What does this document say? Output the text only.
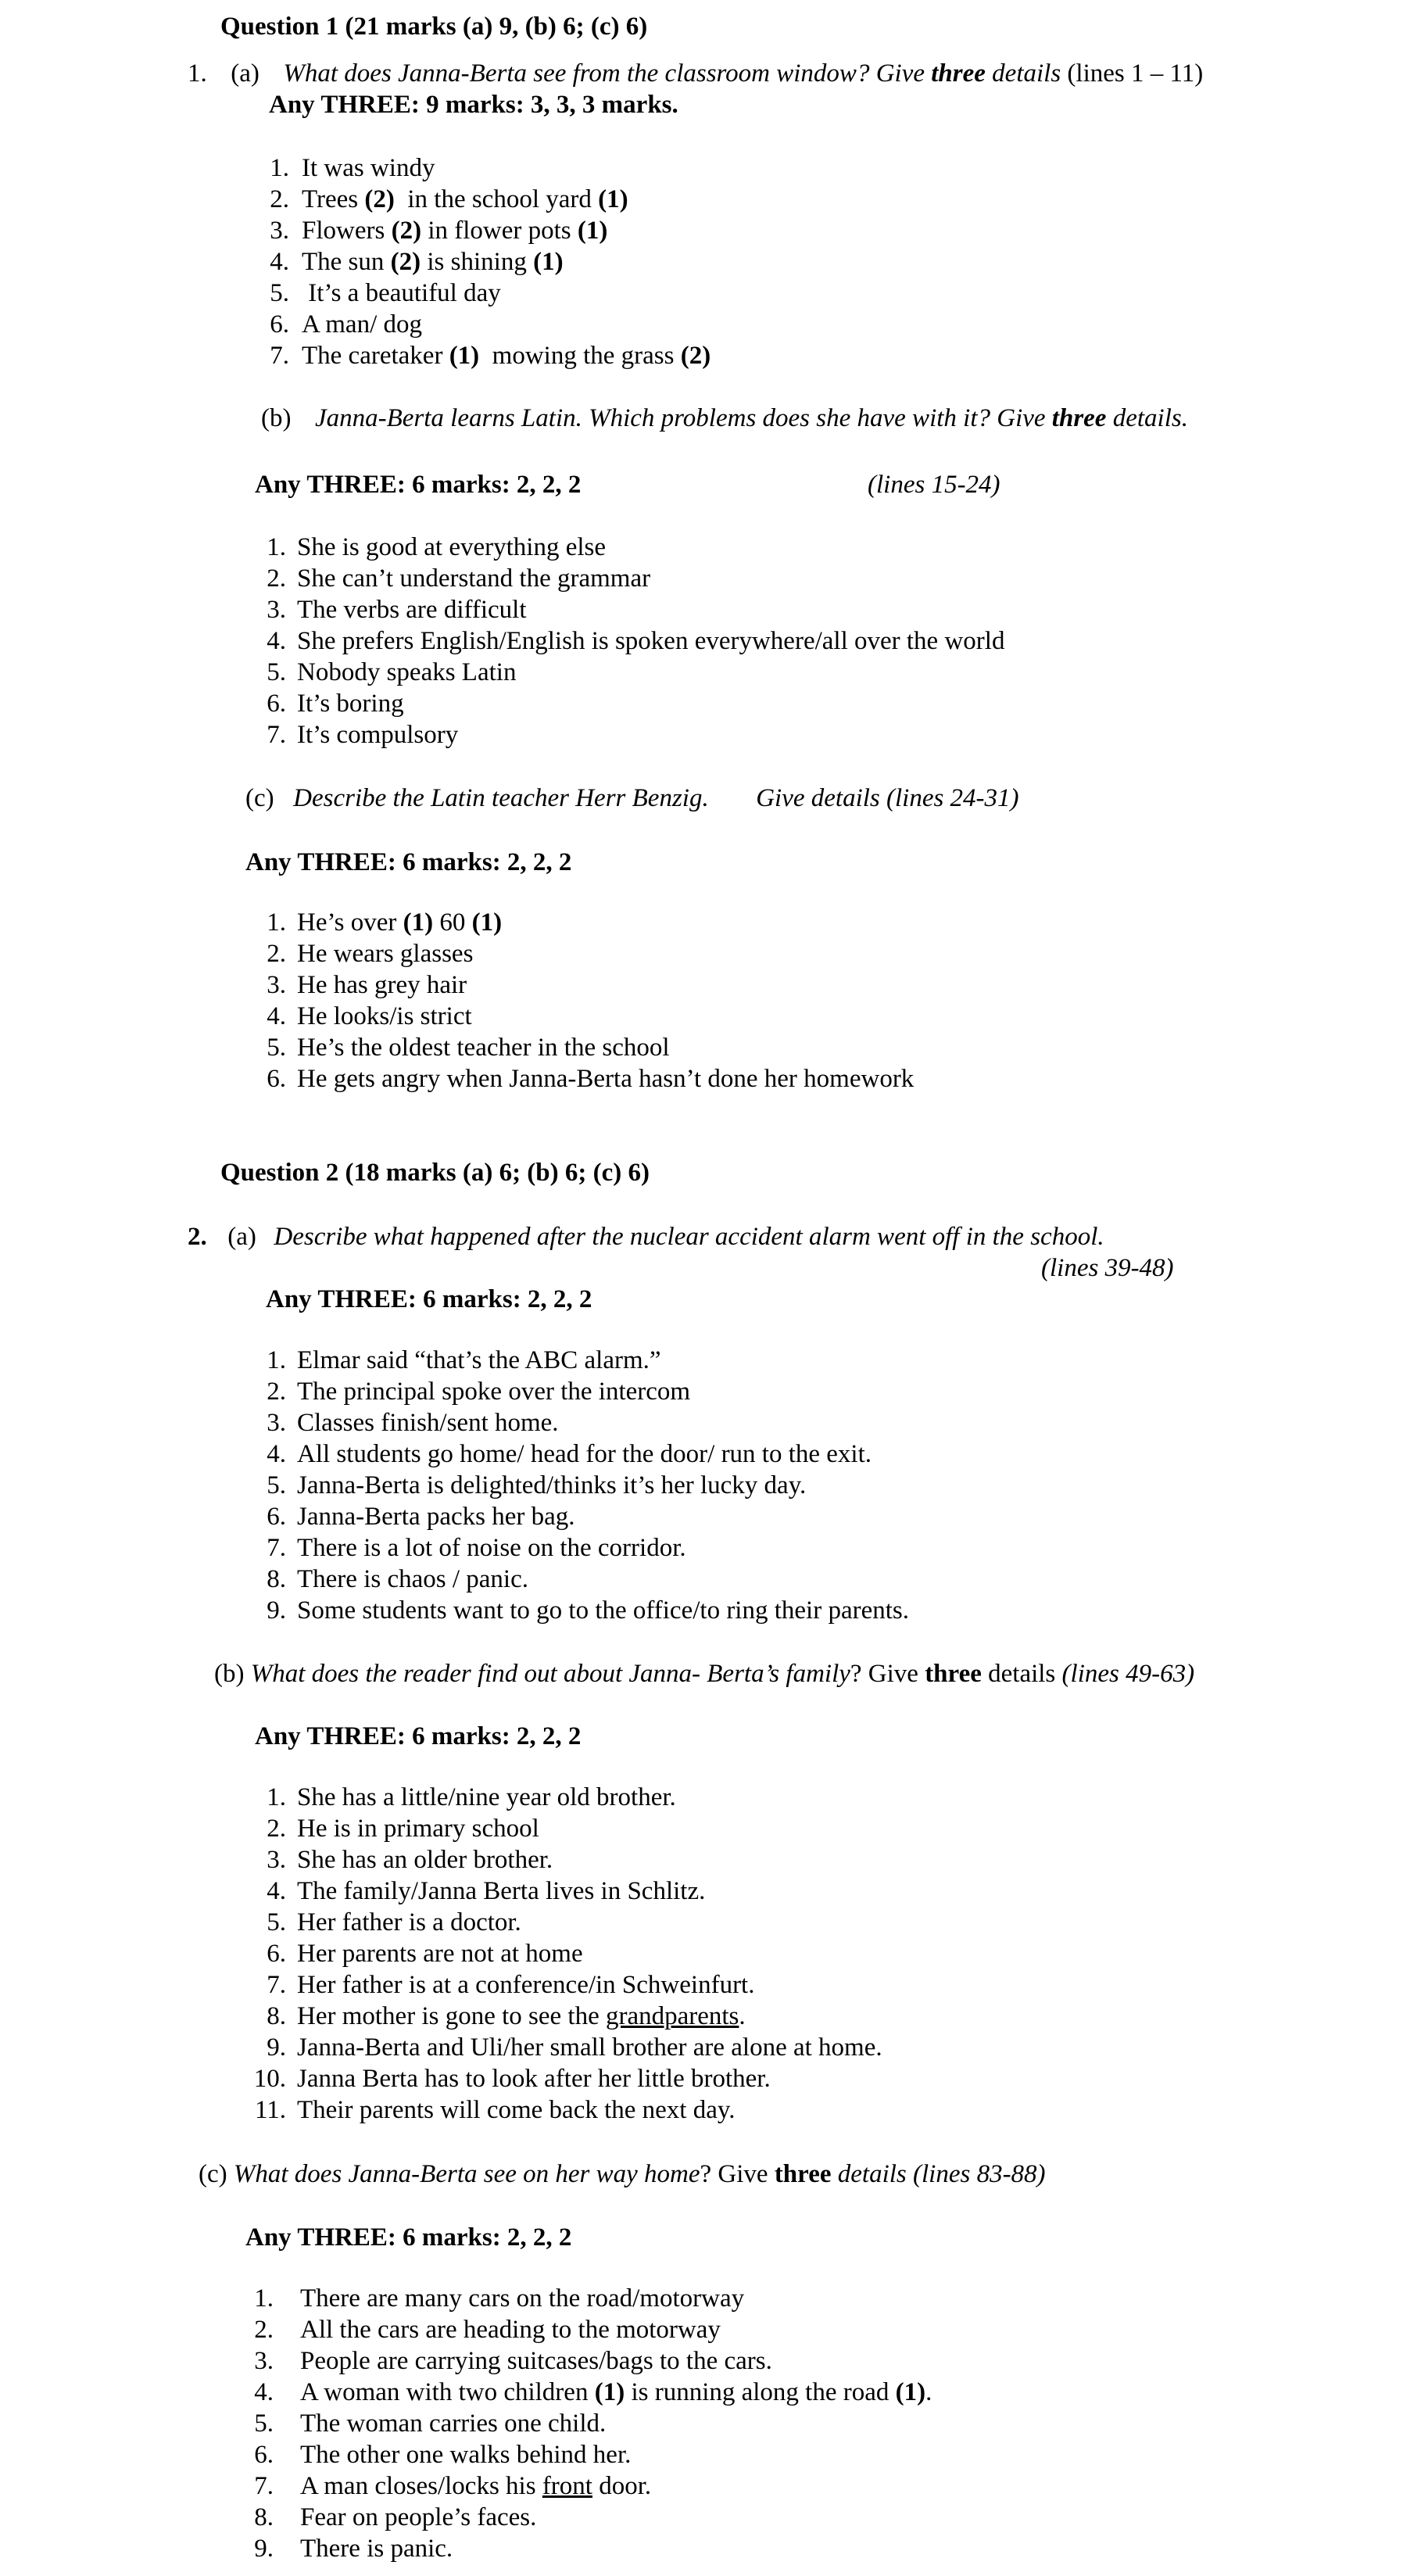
Question 1 (21 marks (a) 9, (b) 6; (c) 6)
1. (a) What does Janna-Berta see from the classroom window? Give three details (lines 1 – 11)
Any THREE: 9 marks: 3, 3, 3 marks.
1. It was windy
2. Trees (2)  in the school yard (1)
3. Flowers (2) in flower pots (1)
4. The sun (2) is shining (1)
5. It’s a beautiful day
6. A man/ dog
7. The caretaker (1)  mowing the grass (2)
(b) Janna-Berta learns Latin. Which problems does she have with it? Give three details.
Any THREE: 6 marks: 2, 2, 2	(lines 15-24)
1. She is good at everything else
2. She can’t understand the grammar
3. The verbs are difficult
4. She prefers English/English is spoken everywhere/all over the world
5. Nobody speaks Latin
6. It’s boring
7. It’s compulsory
(c) Describe the Latin teacher Herr Benzig. Give details (lines 24-31)
Any THREE: 6 marks: 2, 2, 2
1. He’s over (1) 60 (1)
2. He wears glasses
3. He has grey hair
4. He looks/is strict
5. He’s the oldest teacher in the school
6. He gets angry when Janna-Berta hasn’t done her homework
Question 2 (18 marks (a) 6; (b) 6; (c) 6)
2. (a) Describe what happened after the nuclear accident alarm went off in the school.
(lines 39-48)
Any THREE: 6 marks: 2, 2, 2
1. Elmar said “that’s the ABC alarm.”
2. The principal spoke over the intercom
3. Classes finish/sent home.
4. All students go home/ head for the door/ run to the exit.
5. Janna-Berta is delighted/thinks it’s her lucky day.
6. Janna-Berta packs her bag.
7. There is a lot of noise on the corridor.
8. There is chaos / panic.
9. Some students want to go to the office/to ring their parents.
(b) What does the reader find out about Janna- Berta’s family? Give three details (lines 49-63)
Any THREE: 6 marks: 2, 2, 2
1. She has a little/nine year old brother.
2. He is in primary school
3. She has an older brother.
4. The family/Janna Berta lives in Schlitz.
5. Her father is a doctor.
6. Her parents are not at home
7. Her father is at a conference/in Schweinfurt.
8. Her mother is gone to see the grandparents.
9. Janna-Berta and Uli/her small brother are alone at home.
10. Janna Berta has to look after her little brother.
11. Their parents will come back the next day.
(c) What does Janna-Berta see on her way home? Give three details (lines 83-88)
Any THREE: 6 marks: 2, 2, 2
1. There are many cars on the road/motorway
2. All the cars are heading to the motorway
3. People are carrying suitcases/bags to the cars.
4. A woman with two children (1) is running along the road (1).
5. The woman carries one child.
6. The other one walks behind her.
7. A man closes/locks his front door.
8. Fear on people’s faces.
9. There is panic.
